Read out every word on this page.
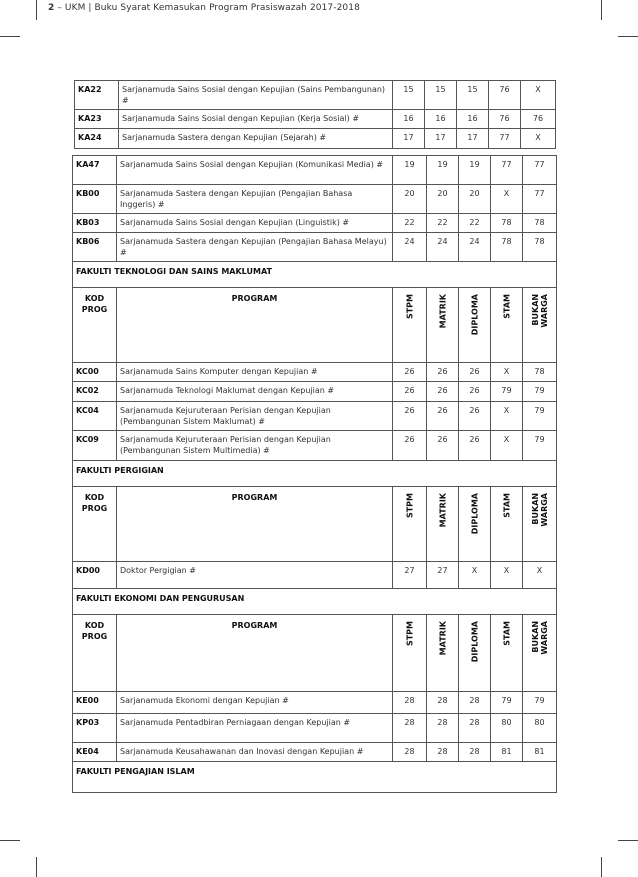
2 – UKM | Buku Syarat Kemasukan Program Prasiswazah 2017-2018
KA22	Sarjanamuda Sains Sosial dengan Kepujian (Sains Pembangunan) #	15	15	15	76	X
KA23	Sarjanamuda Sains Sosial dengan Kepujian (Kerja Sosial) #	16	16	16	76	76
KA24	Sarjanamuda Sastera dengan Kepujian (Sejarah) #	17	17	17	77	X
KA47	Sarjanamuda Sains Sosial dengan Kepujian (Komunikasi Media) #	19	19	19	77	77
KB00	Sarjanamuda Sastera dengan Kepujian (Pengajian Bahasa Inggeris) #	20	20	20	X	77
KB03	Sarjanamuda Sains Sosial dengan Kepujian (Linguistik) #	22	22	22	78	78
KB06	Sarjanamuda Sastera dengan Kepujian (Pengajian Bahasa Melayu) #	24	24	24	78	78
FAKULTI TEKNOLOGI DAN SAINS MAKLUMAT						
KOD PROG	PROGRAM	STPM	MATRIK	DIPLOMA	STAM	BUKAN
WARGA

KC00	Sarjanamuda Sains Komputer dengan Kepujian #	26	26	26	X	78
KC02	Sarjanamuda Teknologi Maklumat dengan Kepujian #	26	26	26	79	79
KC04	Sarjanamuda Kejuruteraan Perisian dengan Kepujian (Pembangunan Sistem Maklumat) #	26	26	26	X	79
KC09	Sarjanamuda Kejuruteraan Perisian dengan Kepujian (Pembangunan Sistem Multimedia) #	26	26	26	X	79
FAKULTI PERGIGIAN						
KOD PROG	PROGRAM	STPM	MATRIK	DIPLOMA	STAM	BUKAN
WARGA

KD00	Doktor Pergigian #	27	27	X	X	X
FAKULTI EKONOMI DAN PENGURUSAN						
KOD PROG	PROGRAM	STPM	MATRIK	DIPLOMA	STAM	BUKAN
WARGA

KE00	Sarjanamuda Ekonomi dengan Kepujian #	28	28	28	79	79
KP03	Sarjanamuda Pentadbiran Perniagaan dengan Kepujian #	28	28	28	80	80
KE04	Sarjanamuda Keusahawanan dan Inovasi dengan Kepujian #	28	28	28	81	81
FAKULTI PENGAJIAN ISLAM						
